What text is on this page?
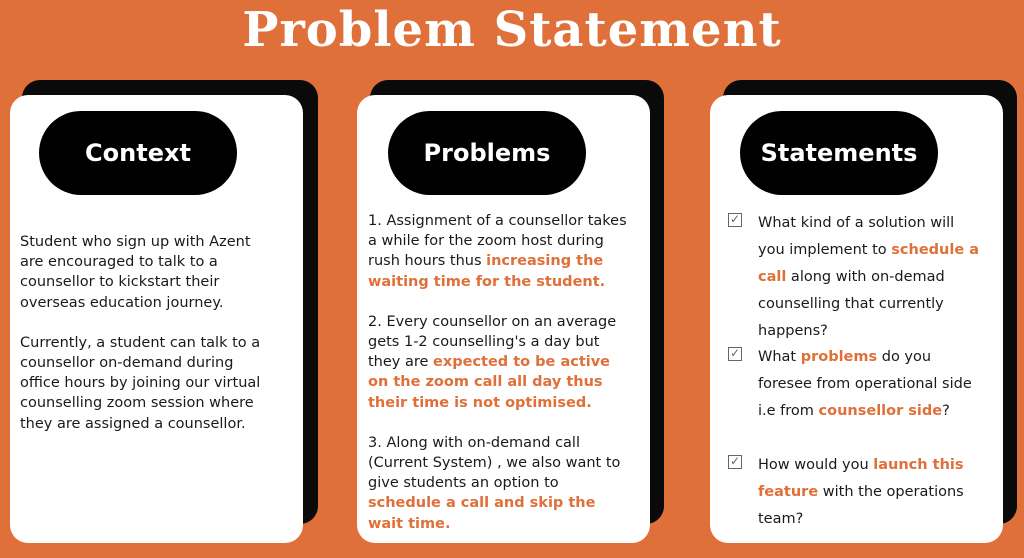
Problem Statement
Context

Student who sign up with Azent are encouraged to talk to a counsellor to kickstart their overseas education journey.

Currently, a student can talk to a counsellor on-demand during office hours by joining our virtual counselling zoom session where they are assigned a counsellor.

Problems

1. Assignment of a counsellor takes a while for the zoom host during rush hours thus increasing the waiting time for the student.

2. Every counsellor on an average gets 1-2 counselling's a day but they are expected to be active on the zoom call all day thus their time is not optimised.

3. Along with on-demand call (Current System) , we also want to give students an option to schedule a call and skip the wait time.

Statements
✓ What kind of a solution will you implement to schedule a call along with on-demad counselling that currently happens?
✓ What problems do you foresee from operational side i.e from counsellor side?
✓ How would you launch this feature with the operations team?
